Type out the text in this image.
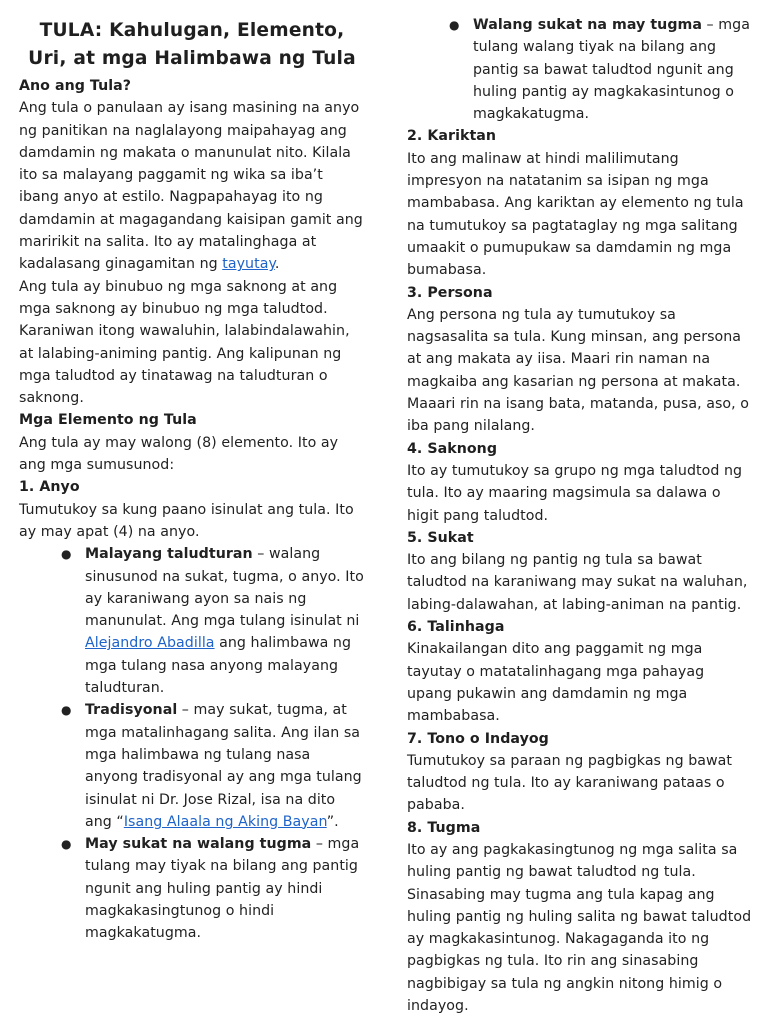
TULA: Kahulugan, Elemento, Uri, at mga Halimbawa ng Tula

Ano ang Tula?

Ang tula o panulaan ay isang masining na anyo ng panitikan na naglalayong maipahayag ang damdamin ng makata o manunulat nito. Kilala ito sa malayang paggamit ng wika sa iba’t ibang anyo at estilo. Nagpapahayag ito ng damdamin at magagandang kaisipan gamit ang maririkit na salita. Ito ay matalinghaga at kadalasang ginagamitan ng tayutay.

Ang tula ay binubuo ng mga saknong at ang mga saknong ay binubuo ng mga taludtod. Karaniwan itong wawaluhin, lalabindalawahin, at lalabing-animing pantig. Ang kalipunan ng mga taludtod ay tinatawag na taludturan o saknong.

Mga Elemento ng Tula

Ang tula ay may walong (8) elemento. Ito ay ang mga sumusunod:

1. Anyo

Tumutukoy sa kung paano isinulat ang tula. Ito ay may apat (4) na anyo.

● Malayang taludturan – walang sinusunod na sukat, tugma, o anyo. Ito ay karaniwang ayon sa nais ng manunulat. Ang mga tulang isinulat ni Alejandro Abadilla ang halimbawa ng mga tulang nasa anyong malayang taludturan.
● Tradisyonal – may sukat, tugma, at mga matalinhagang salita. Ang ilan sa mga halimbawa ng tulang nasa anyong tradisyonal ay ang mga tulang isinulat ni Dr. Jose Rizal, isa na dito ang “Isang Alaala ng Aking Bayan”.
● May sukat na walang tugma – mga tulang may tiyak na bilang ang pantig ngunit ang huling pantig ay hindi magkakasingtunog o hindi magkakatugma.
● Walang sukat na may tugma – mga tulang walang tiyak na bilang ang pantig sa bawat taludtod ngunit ang huling pantig ay magkakasintunog o magkakatugma.

2. Kariktan

Ito ang malinaw at hindi malilimutang impresyon na natatanim sa isipan ng mga mambabasa. Ang kariktan ay elemento ng tula na tumutukoy sa pagtataglay ng mga salitang umaakit o pumupukaw sa damdamin ng mga bumabasa.

3. Persona

Ang persona ng tula ay tumutukoy sa nagsasalita sa tula. Kung minsan, ang persona at ang makata ay iisa. Maari rin naman na magkaiba ang kasarian ng persona at makata. Maaari rin na isang bata, matanda, pusa, aso, o iba pang nilalang.

4. Saknong

Ito ay tumutukoy sa grupo ng mga taludtod ng tula. Ito ay maaring magsimula sa dalawa o higit pang taludtod.

5. Sukat

Ito ang bilang ng pantig ng tula sa bawat taludtod na karaniwang may sukat na waluhan, labing-dalawahan, at labing-animan na pantig.

6. Talinhaga

Kinakailangan dito ang paggamit ng mga tayutay o matatalinhagang mga pahayag upang pukawin ang damdamin ng mga mambabasa.

7. Tono o Indayog

Tumutukoy sa paraan ng pagbigkas ng bawat taludtod ng tula. Ito ay karaniwang pataas o pababa.

8. Tugma

Ito ay ang pagkakasingtunog ng mga salita sa huling pantig ng bawat taludtod ng tula. Sinasabing may tugma ang tula kapag ang huling pantig ng huling salita ng bawat taludtod ay magkakasintunog. Nakagaganda ito ng pagbigkas ng tula. Ito rin ang sinasabing nagbibigay sa tula ng angkin nitong himig o indayog.
